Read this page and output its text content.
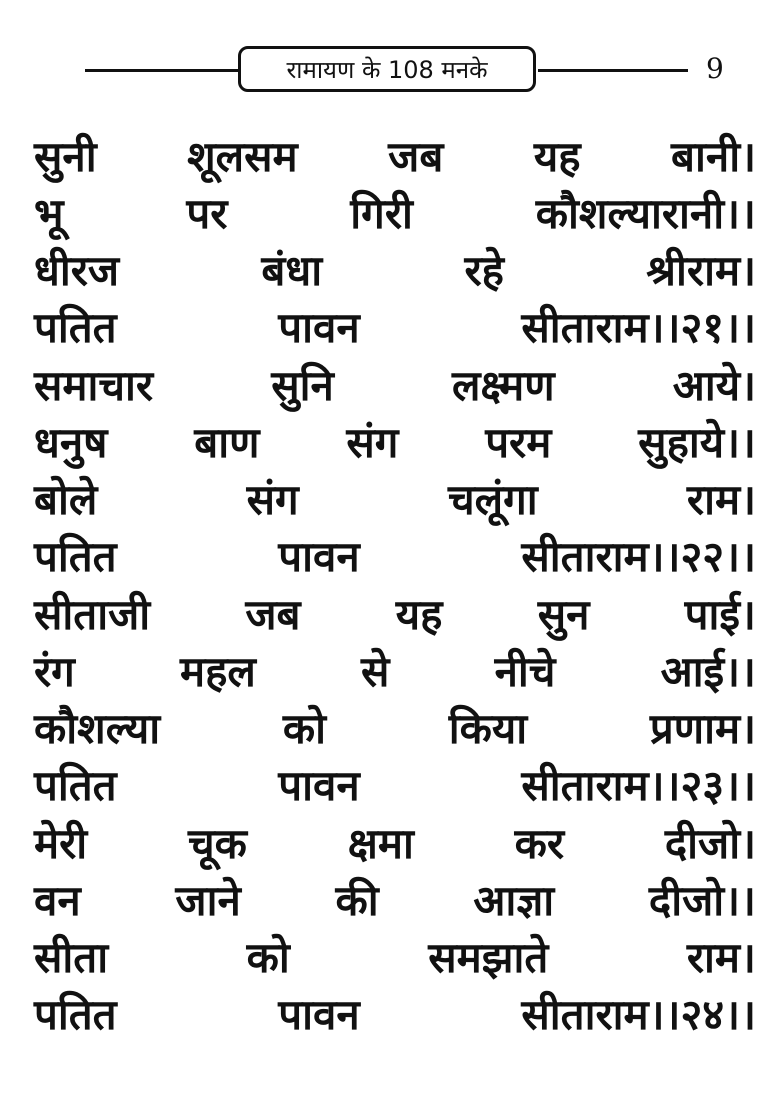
रामायण के 108 मनके	9
सुनी शूलसम जब यह बानी।
भू	पर	गिरी	कौशल्यारानी।।
धीरज	बंधा	रहे	श्रीराम।
पतित	पावन	सीताराम।।२१।।
समाचार	सुनि	लक्ष्मण	आये।
धनुष बाण संग परम सुहाये।।
बोले	संग	चलूंगा	राम।
पतित	पावन	सीताराम।।२२।।
सीताजी जब यह सुन पाई।
रंग	महल	से	नीचे	आई।।
कौशल्या	को	किया	प्रणाम।
पतित	पावन	सीताराम।।२३।।
मेरी चूक क्षमा कर दीजो।
वन जाने की आज्ञा दीजो।।
सीता	को	समझाते	राम।
पतित	पावन	सीताराम।।२४।।
